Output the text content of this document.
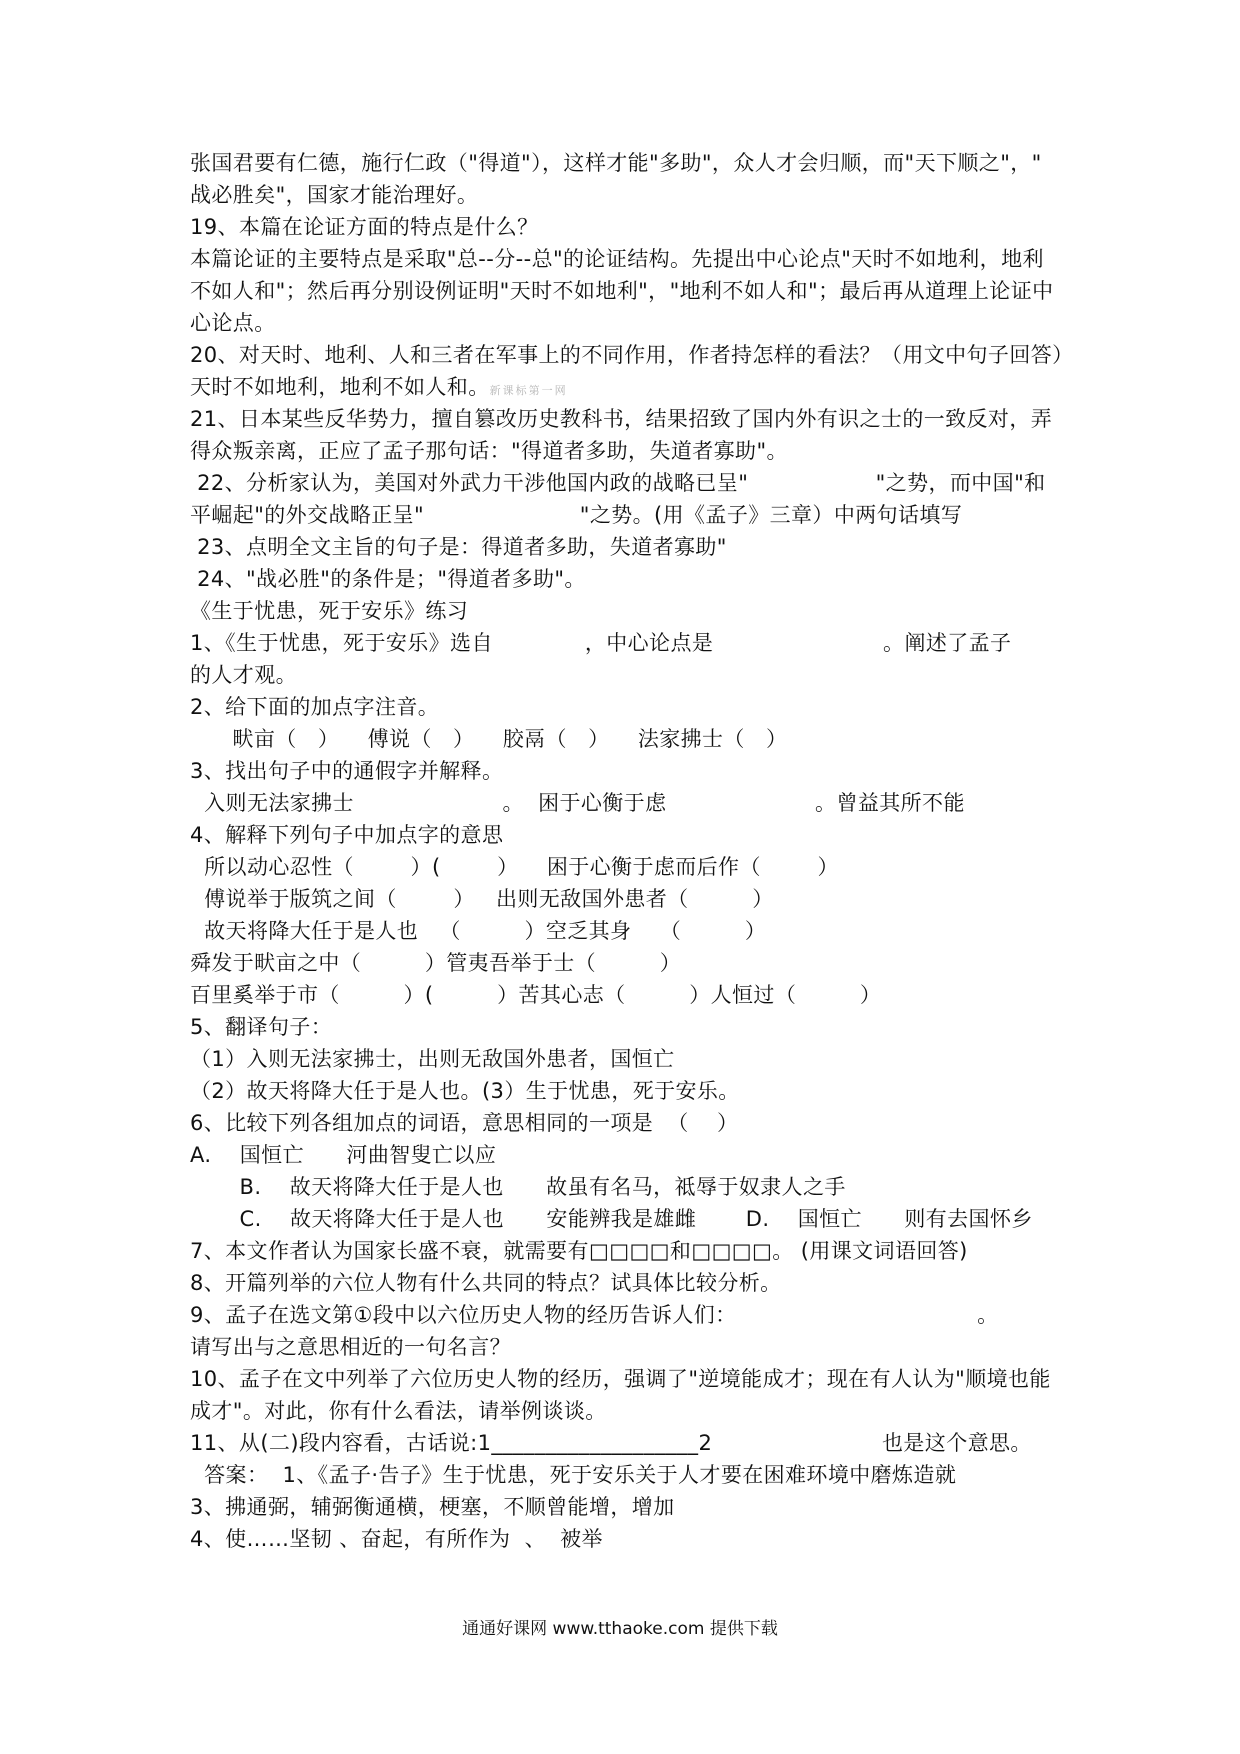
张国君要有仁德，施行仁政（"得道"），这样才能"多助"，众人才会归顺，而"天下顺之"，"
战必胜矣"，国家才能治理好。
19、本篇在论证方面的特点是什么？
本篇论证的主要特点是采取"总--分--总"的论证结构。先提出中心论点"天时不如地利，地利
不如人和"；然后再分别设例证明"天时不如地利"，"地利不如人和"；最后再从道理上论证中
心论点。
20、对天时、地利、人和三者在军事上的不同作用，作者持怎样的看法？（用文中句子回答）
天时不如地利，地利不如人和。新课标第一网
21、日本某些反华势力，擅自篡改历史教科书，结果招致了国内外有识之士的一致反对，弄
得众叛亲离，正应了孟子那句话："得道者多助，失道者寡助"。
22、分析家认为，美国对外武力干涉他国内政的战略已呈"                  "之势，而中国"和
平崛起"的外交战略正呈"                      "之势。(用《孟子》三章）中两句话填写
23、点明全文主旨的句子是：得道者多助，失道者寡助"
24、"战必胜"的条件是；"得道者多助"。
《生于忧患，死于安乐》练习
1、《生于忧患，死于安乐》选自             ，中心论点是                        。阐述了孟子
的人才观。
2、给下面的加点字注音。
畎亩（   ）    傅说（   ）    胶鬲（   ）    法家拂士（   ）
3、找出句子中的通假字并解释。
入则无法家拂士                     。  困于心衡于虑                     。曾益其所不能
4、解释下列句子中加点字的意思
所以动心忍性（        ）(        ）    困于心衡于虑而后作（        ）
傅说举于版筑之间（        ）   出则无敌国外患者（         ）
故天将降大任于是人也   （         ）空乏其身    （         ）
舜发于畎亩之中（         ）管夷吾举于士（         ）
百里奚举于市（         ）(         ）苦其心志（         ）人恒过（         ）
5、翻译句子：
（1）入则无法家拂士，出则无敌国外患者，国恒亡
（2）故天将降大任于是人也。(3）生于忧患，死于安乐。
6、比较下列各组加点的词语，意思相同的一项是  （    ）
A.    国恒亡      河曲智叟亡以应
B.    故天将降大任于是人也      故虽有名马，祗辱于奴隶人之手
C.    故天将降大任于是人也      安能辨我是雄雌       D.    国恒亡      则有去国怀乡
7、本文作者认为国家长盛不衰，就需要有□□□□和□□□□。 (用课文词语回答)
8、开篇列举的六位人物有什么共同的特点？试具体比较分析。
9、孟子在选文第①段中以六位历史人物的经历告诉人们：                                  。
请写出与之意思相近的一句名言？
10、孟子在文中列举了六位历史人物的经历，强调了"逆境能成才；现在有人认为"顺境也能
成才"。对此，你有什么看法，请举例谈谈。
11、从(二)段内容看，古话说:1___________________2                        也是这个意思。
答案：  1、《孟子·告子》生于忧患，死于安乐关于人才要在困难环境中磨炼造就
3、拂通弼，辅弼衡通横，梗塞，不顺曾能增，增加
4、使……坚韧 、奋起，有所作为  、  被举
通通好课网 www.tthaoke.com 提供下载
